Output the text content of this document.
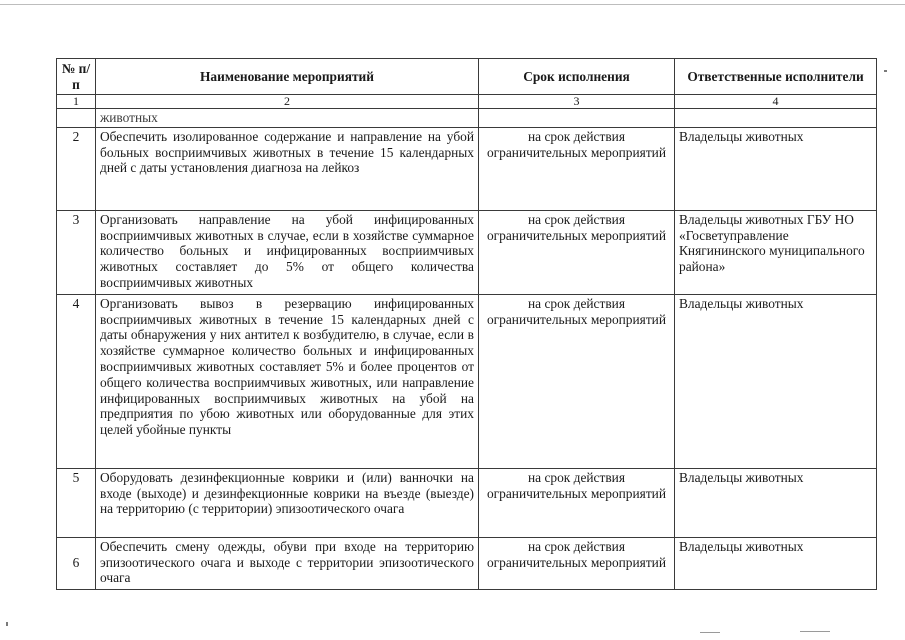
№ п/п	Наименование мероприятий	Срок исполнения	Ответственные исполнители
1	2	3	4
	животных		
2	Обеспечить изолированное содержание и направление на убой больных восприимчивых животных в течение 15 календарных дней с даты установления диагноза на лейкоз	на срок действия ограничительных мероприятий	Владельцы животных
3	Организовать направление на убой инфицированных восприимчивых животных в случае, если в хозяйстве суммарное количество больных и инфицированных восприимчивых животных составляет до 5% от общего количества восприимчивых животных	на срок действия ограничительных мероприятий	Владельцы животных ГБУ НО «Госветуправление Княгининского муниципального района»
4	Организовать вывоз в резервацию инфицированных восприимчивых животных в течение 15 календарных дней с даты обнаружения у них антител к возбудителю, в случае, если в хозяйстве суммарное количество больных и инфицированных восприимчивых животных составляет 5% и более процентов от общего количества восприимчивых животных, или направление инфицированных восприимчивых животных на убой на предприятия по убою животных или оборудованные для этих целей убойные пункты	на срок действия ограничительных мероприятий	Владельцы животных
5	Оборудовать дезинфекционные коврики и (или) ванночки на входе (выходе) и дезинфекционные коврики на въезде (выезде) на территорию (с территории) эпизоотического очага	на срок действия ограничительных мероприятий	Владельцы животных
6	Обеспечить смену одежды, обуви при входе на территорию эпизоотического очага и выходе с территории эпизоотического очага	на срок действия ограничительных мероприятий	Владельцы животных
